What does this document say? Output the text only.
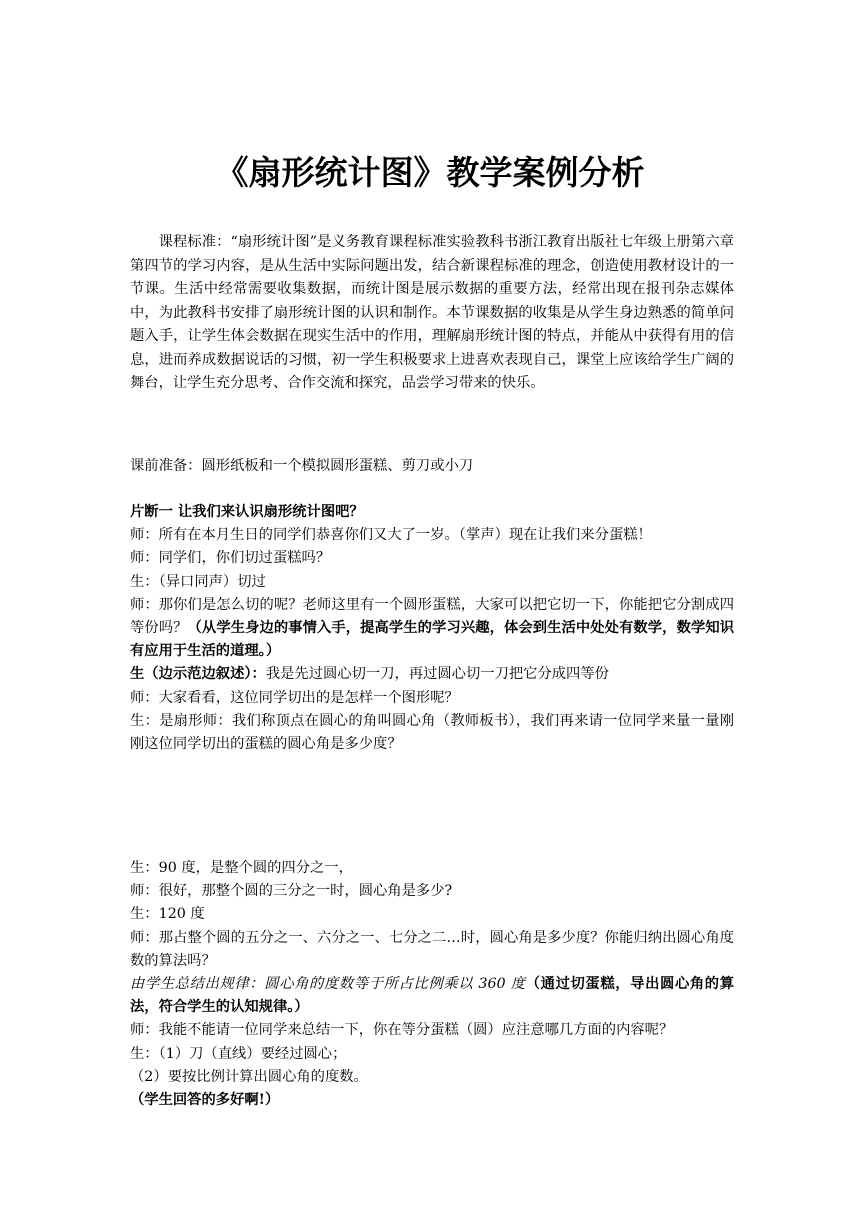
《扇形统计图》教学案例分析

课程标准：“扇形统计图”是义务教育课程标准实验教科书浙江教育出版社七年级上册第六章第四节的学习内容，是从生活中实际问题出发，结合新课程标准的理念，创造使用教材设计的一节课。生活中经常需要收集数据，而统计图是展示数据的重要方法，经常出现在报刊杂志媒体中，为此教科书安排了扇形统计图的认识和制作。本节课数据的收集是从学生身边熟悉的简单问题入手，让学生体会数据在现实生活中的作用，理解扇形统计图的特点，并能从中获得有用的信息，进而养成数据说话的习惯，初一学生积极要求上进喜欢表现自己，课堂上应该给学生广阔的舞台，让学生充分思考、合作交流和探究，品尝学习带来的快乐。

课前准备：圆形纸板和一个模拟圆形蛋糕、剪刀或小刀

片断一 让我们来认识扇形统计图吧？

师：所有在本月生日的同学们恭喜你们又大了一岁。（掌声）现在让我们来分蛋糕！

师：同学们，你们切过蛋糕吗？

生：（异口同声）切过

师：那你们是怎么切的呢？老师这里有一个圆形蛋糕，大家可以把它切一下，你能把它分割成四等份吗？（从学生身边的事情入手，提高学生的学习兴趣，体会到生活中处处有数学，数学知识有应用于生活的道理。）

生（边示范边叙述）：我是先过圆心切一刀，再过圆心切一刀把它分成四等份

师：大家看看，这位同学切出的是怎样一个图形呢？

生：是扇形师：我们称顶点在圆心的角叫圆心角（教师板书），我们再来请一位同学来量一量刚刚这位同学切出的蛋糕的圆心角是多少度？

生：90 度，是整个圆的四分之一，

师：很好，那整个圆的三分之一时，圆心角是多少?

生：120 度

师：那占整个圆的五分之一、六分之一、七分之二…时，圆心角是多少度？你能归纳出圆心角度数的算法吗？

由学生总结出规律：圆心角的度数等于所占比例乘以 360 度（通过切蛋糕，导出圆心角的算法，符合学生的认知规律。）

师：我能不能请一位同学来总结一下，你在等分蛋糕（圆）应注意哪几方面的内容呢？

生：（1）刀（直线）要经过圆心；

（2）要按比例计算出圆心角的度数。

（学生回答的多好啊!）
